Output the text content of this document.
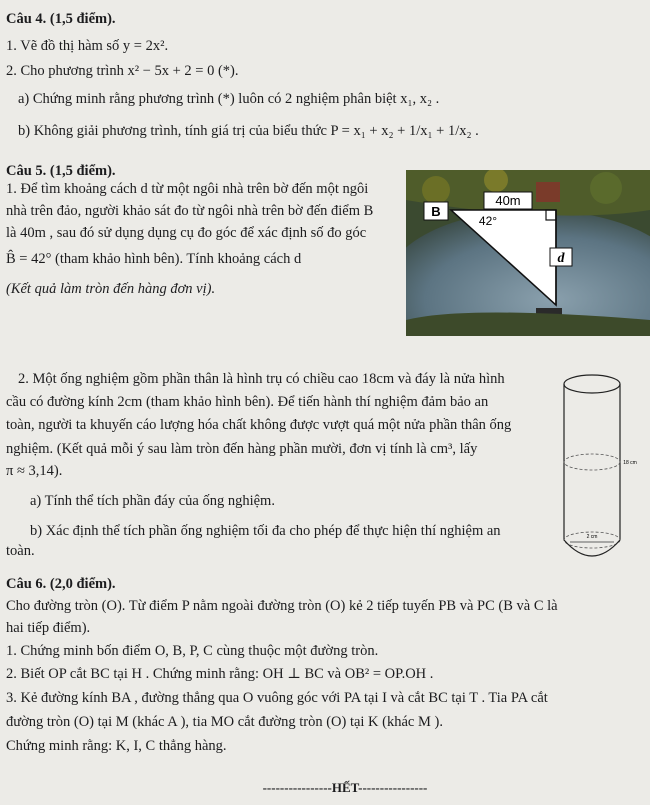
Câu 4. (1,5 điểm).
1. Vẽ đồ thị hàm số y = 2x².
2. Cho phương trình x² − 5x + 2 = 0 (*).
a) Chứng minh rằng phương trình (*) luôn có 2 nghiệm phân biệt x₁, x₂ .
b) Không giải phương trình, tính giá trị của biểu thức P = x₁ + x₂ + 1/x₁ + 1/x₂ .
Câu 5. (1,5 điểm).
1. Để tìm khoảng cách d từ một ngôi nhà trên bờ đến một ngôi
nhà trên đảo, người khảo sát đo từ ngôi nhà trên bờ đến điểm B
là 40m , sau đó sử dụng dụng cụ đo góc để xác định số đo góc
B̂ = 42° (tham khảo hình bên). Tính khoảng cách d
(Kết quả làm tròn đến hàng đơn vị).
B
40m
42°
d
2. Một ống nghiệm gồm phần thân là hình trụ có chiều cao 18cm và đáy là nửa hình
cầu có đường kính 2cm (tham khảo hình bên). Để tiến hành thí nghiệm đảm bảo an
toàn, người ta khuyến cáo lượng hóa chất không được vượt quá một nửa phần thân ống
nghiệm. (Kết quả mỗi ý sau làm tròn đến hàng phần mười, đơn vị tính là cm³, lấy
π ≈ 3,14).
a) Tính thể tích phần đáy của ống nghiệm.
b) Xác định thể tích phần ống nghiệm tối đa cho phép để thực hiện thí nghiệm an
toàn.
18 cm
2 cm
Câu 6. (2,0 điểm).
Cho đường tròn (O). Từ điểm P nằm ngoài đường tròn (O) kẻ 2 tiếp tuyến PB và PC (B và C là
hai tiếp điểm).
1. Chứng minh bốn điểm O, B, P, C cùng thuộc một đường tròn.
2. Biết OP cắt BC tại H . Chứng minh rằng: OH ⊥ BC và OB² = OP.OH .
3. Kẻ đường kính BA , đường thẳng qua O vuông góc với PA tại I và cắt BC tại T . Tia PA cắt
đường tròn (O) tại M (khác A ), tia MO cắt đường tròn (O) tại K (khác M ).
Chứng minh rằng: K, I, C thẳng hàng.
----------------HẾT----------------
